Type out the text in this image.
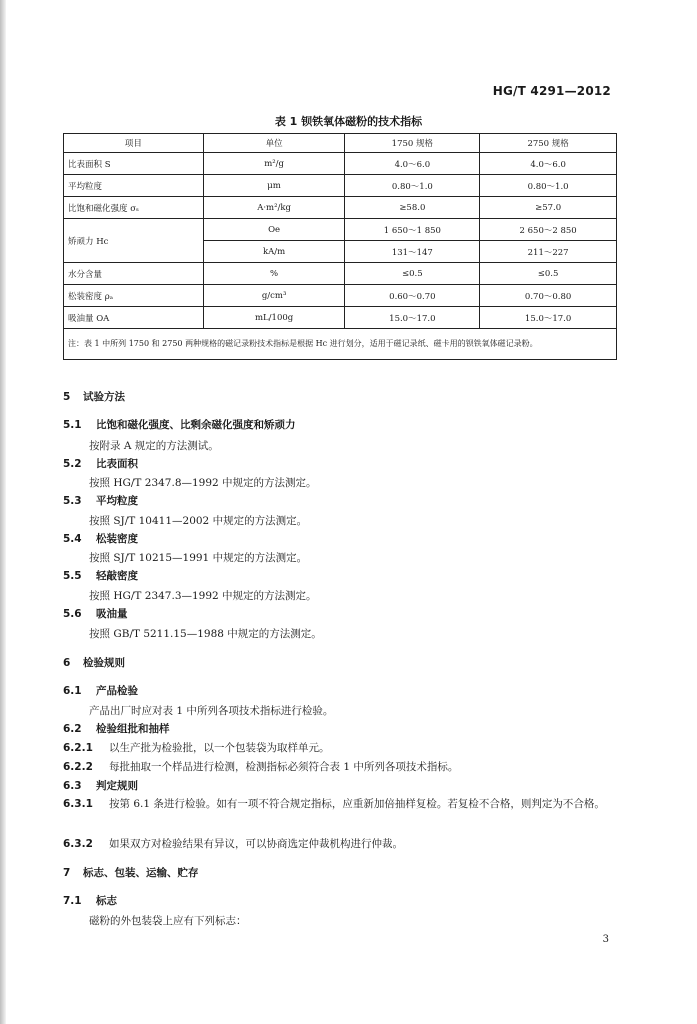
HG/T 4291—2012
表 1 钡铁氧体磁粉的技术指标
项目	单位	1750 规格	2750 规格
比表面积 S	m²/g	4.0～6.0	4.0～6.0
平均粒度	μm	0.80～1.0	0.80～1.0
比饱和磁化强度 σₛ	A·m²/kg	≥58.0	≥57.0
矫顽力 Hc	Oe	1 650～1 850	2 650～2 850
	kA/m	131～147	211～227
水分含量	%	≤0.5	≤0.5
松装密度 ρₐ	g/cm³	0.60～0.70	0.70～0.80
吸油量 OA	mL/100g	15.0～17.0	15.0～17.0
注：表 1 中所列 1750 和 2750 两种规格的磁记录粉技术指标是根据 Hc 进行划分，适用于磁记录纸、磁卡用的钡铁氧体磁记录粉。			
5 试验方法
5.1 比饱和磁化强度、比剩余磁化强度和矫顽力
按附录 A 规定的方法测试。
5.2 比表面积
按照 HG/T 2347.8—1992 中规定的方法测定。
5.3 平均粒度
按照 SJ/T 10411—2002 中规定的方法测定。
5.4 松装密度
按照 SJ/T 10215—1991 中规定的方法测定。
5.5 轻敲密度
按照 HG/T 2347.3—1992 中规定的方法测定。
5.6 吸油量
按照 GB/T 5211.15—1988 中规定的方法测定。
6 检验规则
6.1 产品检验
产品出厂时应对表 1 中所列各项技术指标进行检验。
6.2 检验组批和抽样
6.2.1 以生产批为检验批，以一个包装袋为取样单元。
6.2.2 每批抽取一个样品进行检测，检测指标必须符合表 1 中所列各项技术指标。
6.3 判定规则
6.3.1 按第 6.1 条进行检验。如有一项不符合规定指标，应重新加倍抽样复检。若复检不合格，则判定为不合格。
6.3.2 如果双方对检验结果有异议，可以协商选定仲裁机构进行仲裁。
7 标志、包装、运输、贮存
7.1 标志
磁粉的外包装袋上应有下列标志：
3
